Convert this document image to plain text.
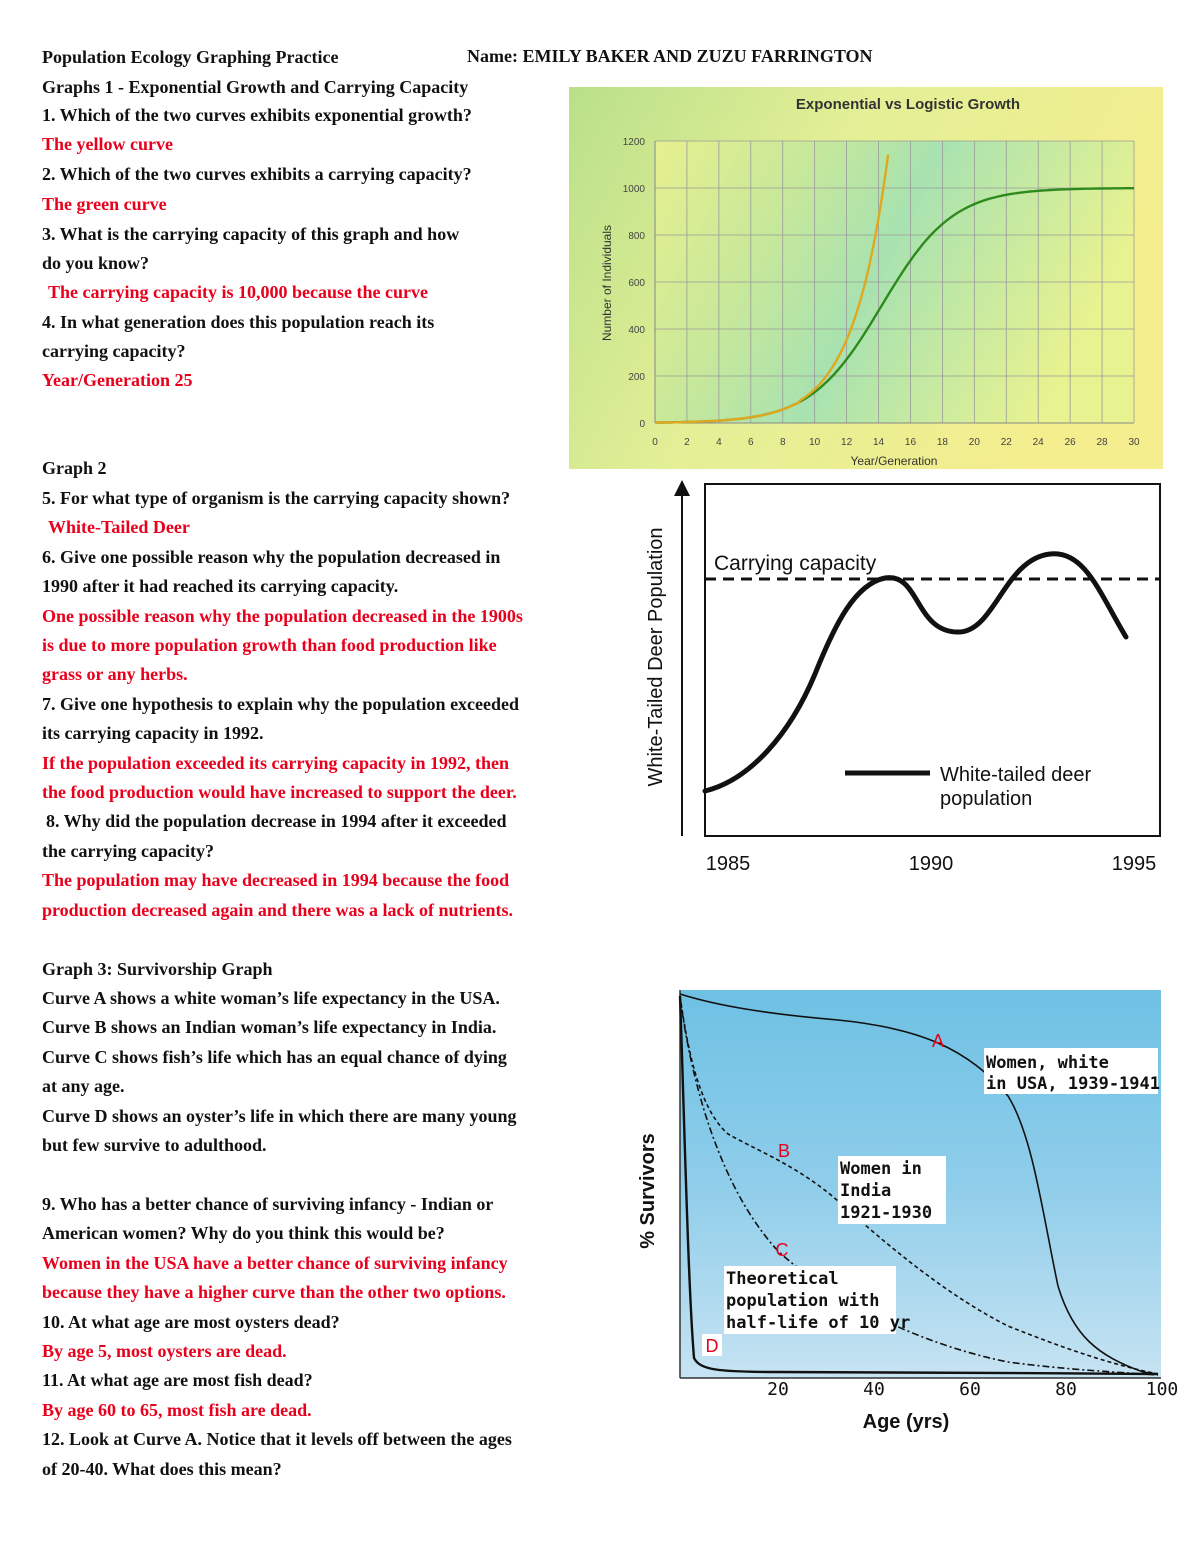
Population Ecology Graphing Practice	Name: EMILY BAKER AND ZUZU FARRINGTON
Graphs 1 - Exponential Growth and Carrying Capacity
1. Which of the two curves exhibits exponential growth?
The yellow curve
2. Which of the two curves exhibits a carrying capacity?
The green curve
3. What is the carrying capacity of this graph and how
do you know?
The carrying capacity is 10,000 because the curve
4. In what generation does this population reach its
carrying capacity?
Year/Generation 25
Graph 2
5. For what type of organism is the carrying capacity shown?
White-Tailed Deer
6. Give one possible reason why the population decreased in
1990 after it had reached its carrying capacity.
One possible reason why the population decreased in the 1900s
is due to more population growth than food production like
grass or any herbs.
7. Give one hypothesis to explain why the population exceeded
its carrying capacity in 1992.
If the population exceeded its carrying capacity in 1992, then
the food production would have increased to support the deer.
8. Why did the population decrease in 1994 after it exceeded
the carrying capacity?
The population may have decreased in 1994 because the food
production decreased again and there was a lack of nutrients.
Graph 3: Survivorship Graph
Curve A shows a white woman’s life expectancy in the USA.
Curve B shows an Indian woman’s life expectancy in India.
Curve C shows fish’s life which has an equal chance of dying
at any age.
Curve D shows an oyster’s life in which there are many young
but few survive to adulthood.
9. Who has a better chance of surviving infancy - Indian or
American women? Why do you think this would be?
Women in the USA have a better chance of surviving infancy
because they have a higher curve than the other two options.
10. At what age are most oysters dead?
By age 5, most oysters are dead.
11. At what age are most fish dead?
By age 60 to 65, most fish are dead.
12. Look at Curve A. Notice that it levels off between the ages
of 20-40. What does this mean?
Exponential vs Logistic Growth
Number of Individuals
Year/Generation
0
200
400
600
800
1000
1200
0	2	4	6	8 10 12 14 16 18 20 22 24 26 28 30
White-Tailed Deer Population Carrying capacity
White-tailed deer
population
1985	1990	1995
% Survivors
Age (yrs)
20	40	60	80	100
A
B
C
D
Women, white
in USA, 1939-1941
Women in
India
1921-1930
Theoretical
population with
half-life of 10 yr
